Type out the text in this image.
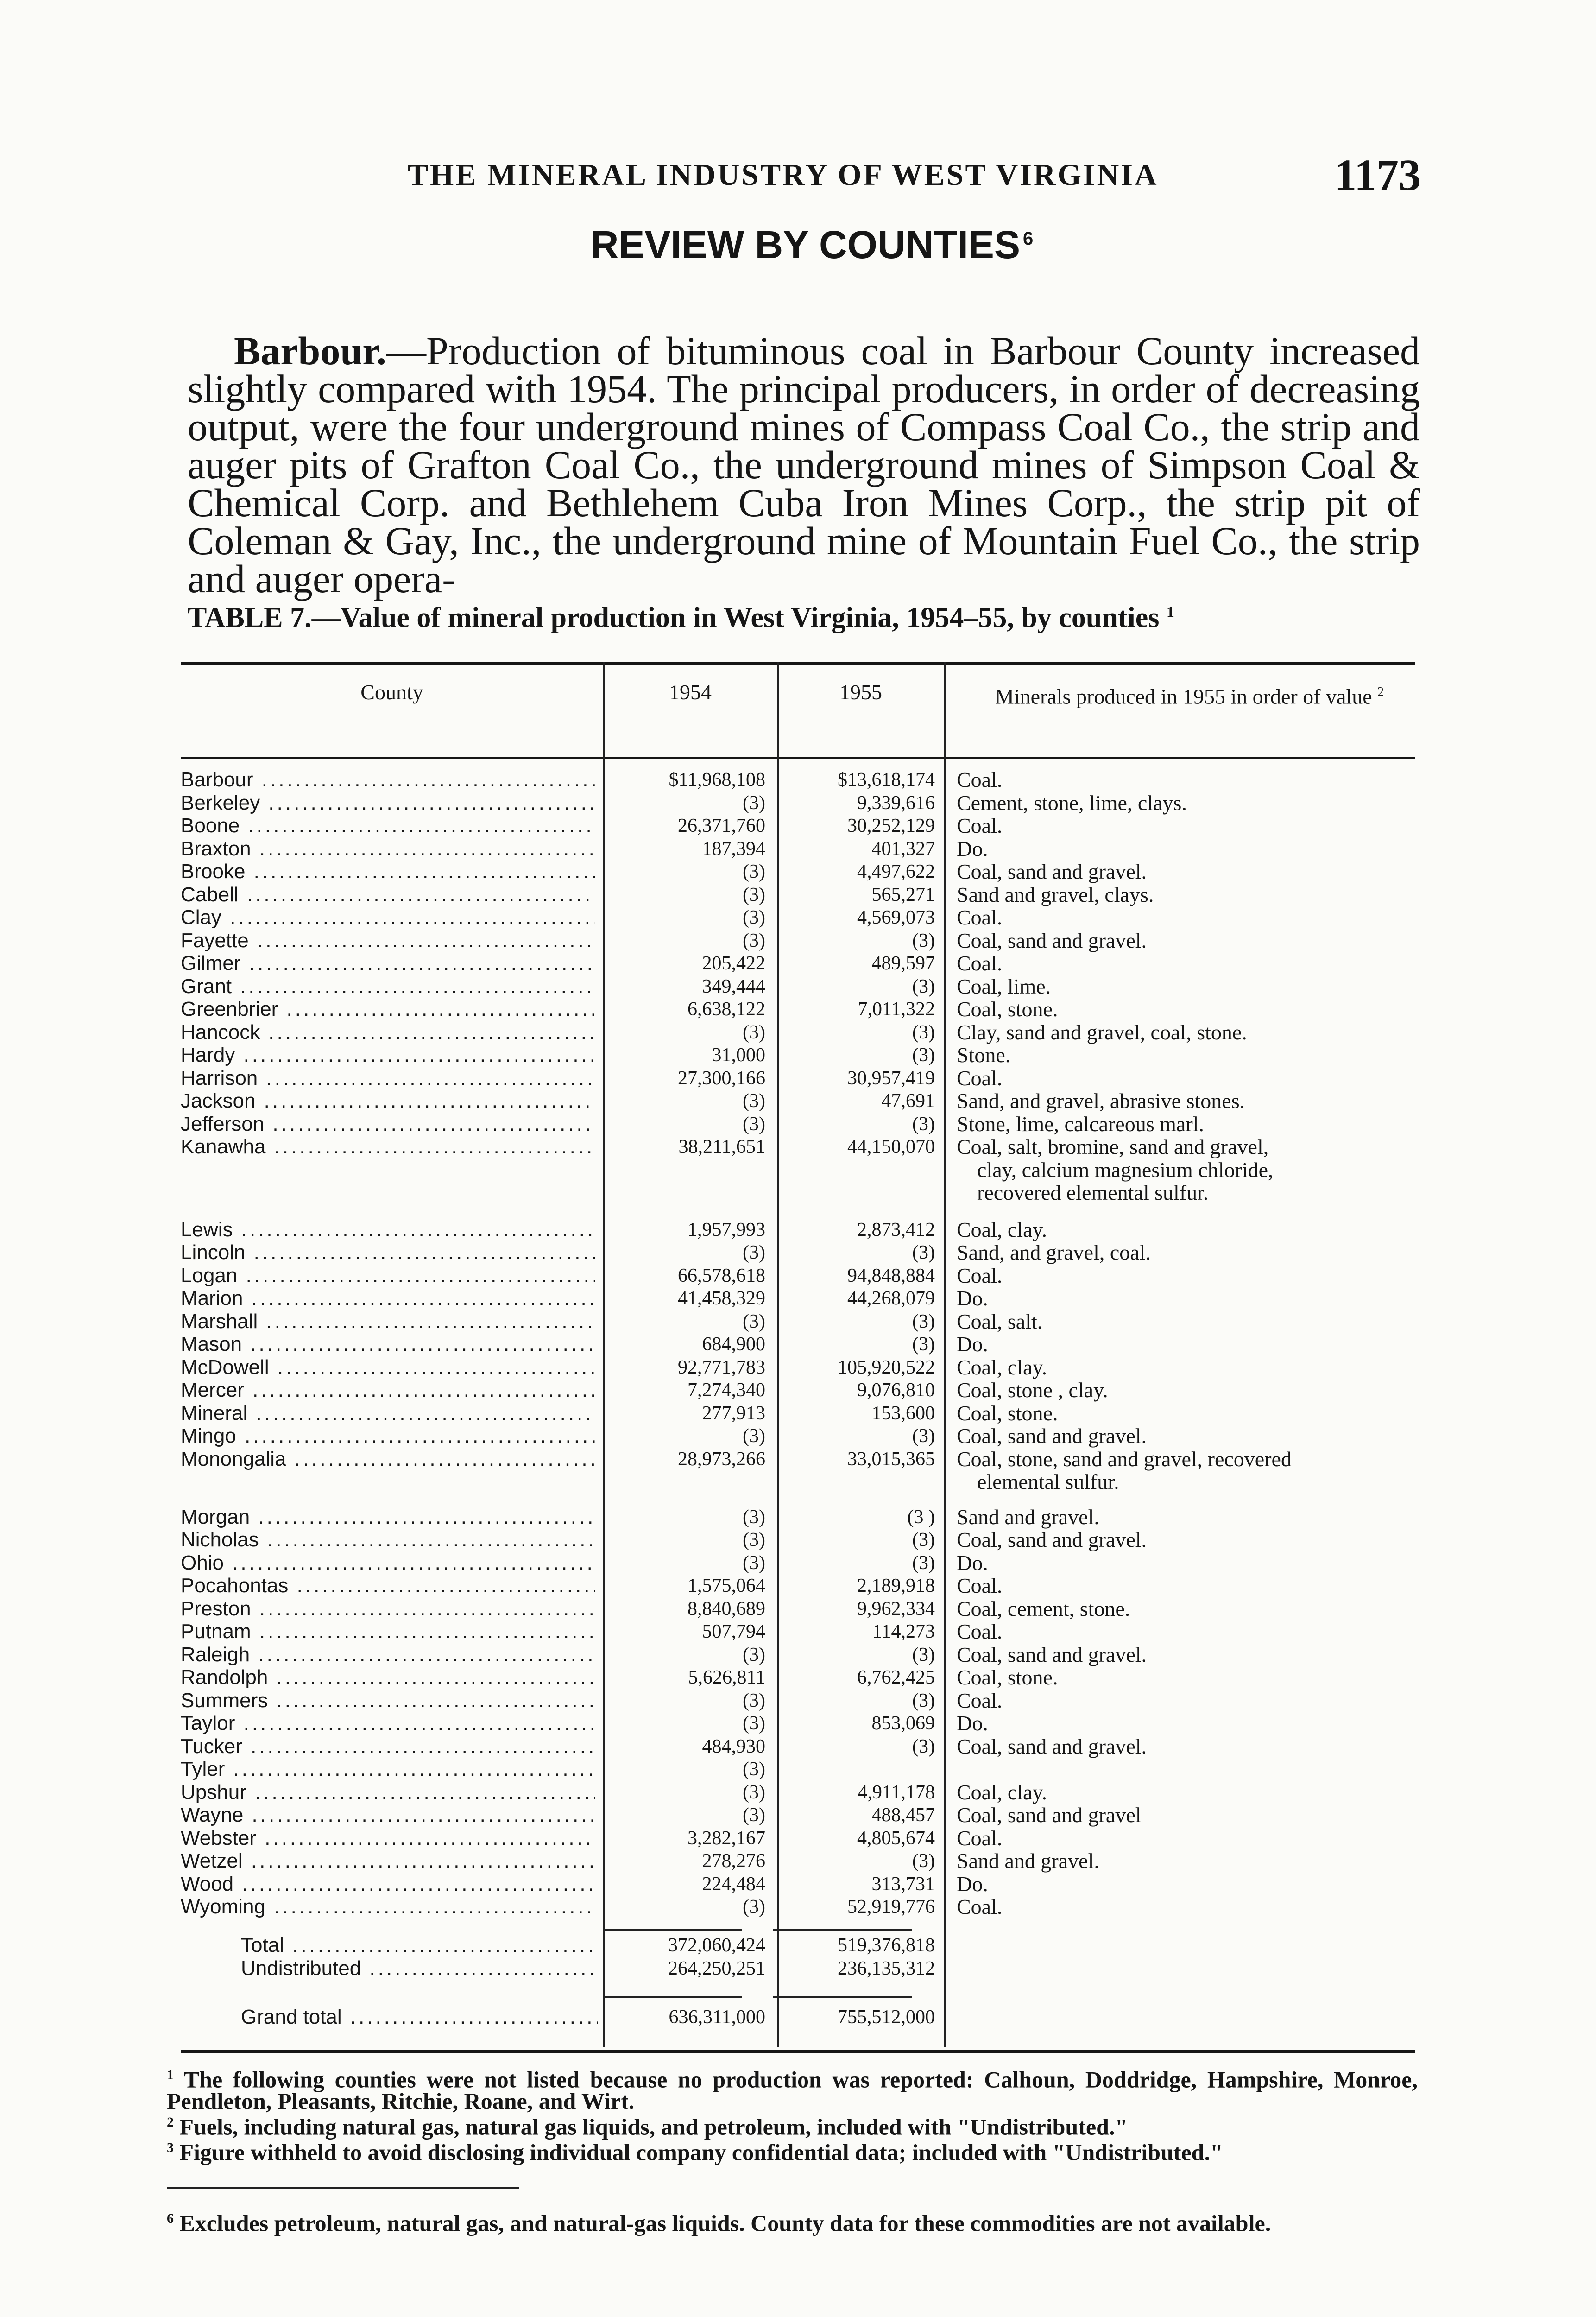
THE MINERAL INDUSTRY OF WEST VIRGINIA	1173
REVIEW BY COUNTIES $^6$

Barbour.—Production of bituminous coal in Barbour County increased slightly compared with 1954. The principal producers, in order of decreasing output, were the four underground mines of Compass Coal Co., the strip and auger pits of Grafton Coal Co., the underground mines of Simpson Coal & Chemical Corp. and Bethlehem Cuba Iron Mines Corp., the strip pit of Coleman & Gay, Inc., the underground mine of Mountain Fuel Co., the strip and auger opera-

TABLE 7.—Value of mineral production in West Virginia, 1954–55, by counties $^1$
County	1954	1955	Minerals produced in 1955 in order of value $^2$
Barbour .....	$11,968,108	$13,618,174 Coal.
Berkeley .....	(3)	9,339,616 Cement, stone, lime, clays.
Boone .....	26,371,760	30,252,129 Coal.
Braxton .....	187,394	401,327 Do.
Brooke .....	(3)	4,497,622 Coal, sand and gravel.
Cabell .....	(3)	565,271 Sand and gravel, clays.
Clay .....	(3)	4,569,073 Coal.
Fayette .....	(3)	(3) Coal, sand and gravel.
Gilmer .....	205,422	489,597 Coal.
Grant .....	349,444	(3) Coal, lime.
Greenbrier .....	6,638,122	7,011,322 Coal, stone.
Hancock .....	(3)	(3) Clay, sand and gravel, coal, stone.
Hardy .....	31,000	(3) Stone.
Harrison .....	27,300,166	30,957,419 Coal.
Jackson .....	(3)	47,691 Sand, and gravel, abrasive stones.
Jefferson .....	(3)	(3) Stone, lime, calcareous marl.
Kanawha .....	38,211,651	44,150,070 Coal, salt, bromine, sand and gravel,
clay, calcium magnesium chloride,
recovered elemental sulfur.
Lewis .....	1,957,993	2,873,412 Coal, clay.
Lincoln .....	(3)	(3) Sand, and gravel, coal.
Logan .....	66,578,618	94,848,884 Coal.
Marion .....	41,458,329	44,268,079 Do.
Marshall .....	(3)	(3) Coal, salt.
Mason .....	684,900	(3) Do.
McDowell .....	92,771,783	105,920,522 Coal, clay.
Mercer .....	7,274,340	9,076,810 Coal, stone , clay.
Mineral .....	277,913	153,600 Coal, stone.
Mingo .....	(3)	(3) Coal, sand and gravel.
Monongalia .....	28,973,266	33,015,365 Coal, stone, sand and gravel, recovered
elemental sulfur.
Morgan .....	(3)	(3 ) Sand and gravel.
Nicholas .....	(3)	(3) Coal, sand and gravel.
Ohio .....	(3)	(3) Do.
Pocahontas .....	1,575,064	2,189,918 Coal.
Preston .....	8,840,689	9,962,334 Coal, cement, stone.
Putnam .....	507,794	114,273 Coal.
Raleigh .....	(3)	(3) Coal, sand and gravel.
Randolph .....	5,626,811	6,762,425 Coal, stone.
Summers .....	(3)	(3) Coal.
Taylor .....	(3)	853,069 Do.
Tucker .....	484,930	(3) Coal, sand and gravel.
Tyler .....	(3)
Upshur .....	(3)	4,911,178 Coal, clay.
Wayne .....	(3)	488,457 Coal, sand and gravel
Webster .....	3,282,167	4,805,674 Coal.
Wetzel .....	278,276	(3) Sand and gravel.
Wood .....	224,484	313,731 Do.
Wyoming .....	(3)	52,919,776 Coal.
Total .....	372,060,424	519,376,818
Undistributed .....	264,250,251	236,135,312
Grand total .....	636,311,000	755,512,000

$^1$ The following counties were not listed because no production was reported: Calhoun, Doddridge, Hampshire, Monroe, Pendleton, Pleasants, Ritchie, Roane, and Wirt.

$^2$ Fuels, including natural gas, natural gas liquids, and petroleum, included with "Undistributed."

$^3$ Figure withheld to avoid disclosing individual company confidential data; included with "Undistributed."

$^6$ Excludes petroleum, natural gas, and natural-gas liquids. County data for these commodities are not available.
